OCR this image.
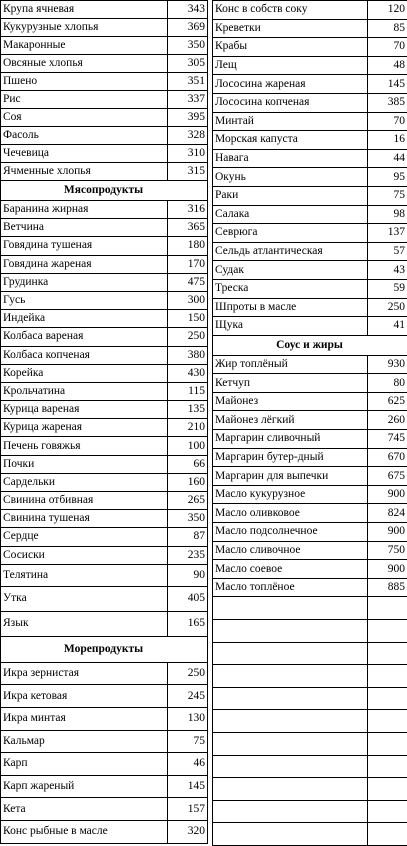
Крупа ячневая	343
Кукурузные хлопья	369
Макаронные	350
Овсяные хлопья	305
Пшено	351
Рис	337
Соя	395
Фасоль	328
Чечевица	310
Ячменные хлопья	315
Мясопродукты	
Баранина жирная	316
Ветчина	365
Говядина тушеная	180
Говядина жареная	170
Грудинка	475
Гусь	300
Индейка	150
Колбаса вареная	250
Колбаса копченая	380
Корейка	430
Крольчатина	115
Курица вареная	135
Курица жареная	210
Печень говяжья	100
Почки	66
Сардельки	160
Свинина отбивная	265
Свинина тушеная	350
Сердце	87
Сосиски	235
Телятина	90
Утка	405
Язык	165
Морепродукты	
Икра зернистая	250
Икра кетовая	245
Икра минтая	130
Кальмар	75
Карп	46
Карп жареный	145
Кета	157
Конс рыбные в масле	320
Конс в собств соку	120
Креветки	85
Крабы	70
Лещ	48
Лососина жареная	145
Лососина копченая	385
Минтай	70
Морская капуста	16
Навага	44
Окунь	95
Раки	75
Салака	98
Севрюга	137
Сельдь атлантическая	57
Судак	43
Треска	59
Шпроты в масле	250
Щука	41
Соус и жиры	
Жир топлёный	930
Кетчуп	80
Майонез	625
Майонез лёгкий	260
Маргарин сливочный	745
Маргарин бутер-дный	670
Маргарин для выпечки	675
Масло кукурузное	900
Масло оливковое	824
Масло подсолнечное	900
Масло сливочное	750
Масло соевое	900
Масло топлёное	885
